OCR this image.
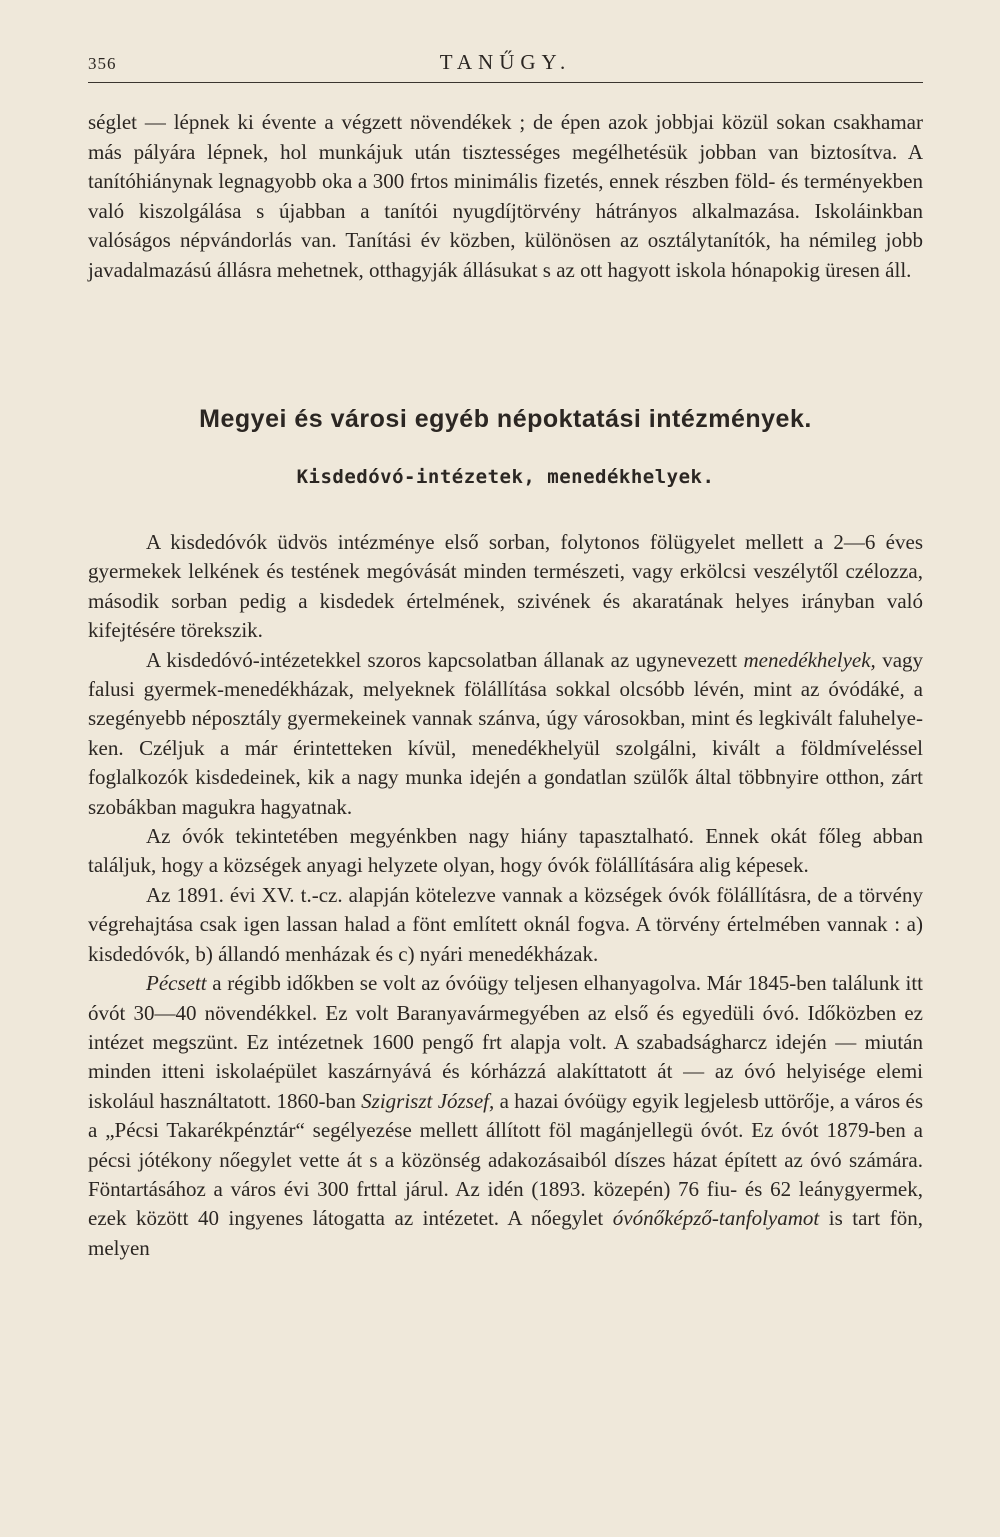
356	TANŰGY.

séglet — lépnek ki évente a végzett növendékek ; de épen azok jobbjai közül sokan csakhamar más pályára lépnek, hol munkájuk után tisztességes megélhetésük jobban van biztosítva. A tanítóhiánynak legnagyobb oka a 300 frtos minimális fizetés, ennek részben föld- és terményekben való kiszolgálása s újabban a tanítói nyugdíjtörvény hátrányos alkalmazása. Iskoláinkban valóságos népvándorlás van. Tanítási év közben, különösen az osztálytanítók, ha némileg jobb javadalmazású állásra mehetnek, otthagyják állásukat s az ott hagyott iskola hónapokig üresen áll.

Megyei és városi egyéb népoktatási intézmények.
Kisdedóvó-intézetek, menedékhelyek.

A kisdedóvók üdvös intézménye első sorban, folytonos fölügyelet mellett a 2—6 éves gyermekek lelkének és testének megóvását minden természeti, vagy erkölcsi veszélytől czélozza, második sorban pedig a kisdedek értelmének, szivének és akaratának helyes irányban való kifejtésére törekszik.

A kisdedóvó-intézetekkel szoros kapcsolatban állanak az ugynevezett menedékhelyek, vagy falusi gyermek-menedékházak, melyeknek fölállítása sokkal olcsóbb lévén, mint az óvódáké, a szegényebb néposztály gyermekeinek vannak szánva, úgy városokban, mint és legkivált faluhelyeken. Czéljuk a már érintetteken kívül, menedékhelyül szolgálni, kivált a földmíveléssel foglalkozók kisdedeinek, kik a nagy munka idején a gondatlan szülők által többnyire otthon, zárt szobákban magukra hagyatnak.

Az óvók tekintetében megyénkben nagy hiány tapasztalható. Ennek okát főleg abban találjuk, hogy a községek anyagi helyzete olyan, hogy óvók fölállítására alig képesek.

Az 1891. évi XV. t.-cz. alapján kötelezve vannak a községek óvók fölállításra, de a törvény végrehajtása csak igen lassan halad a fönt említett oknál fogva. A törvény értelmében vannak : a) kisdedóvók, b) állandó menházak és c) nyári menedékházak.

Pécsett a régibb időkben se volt az óvóügy teljesen elhanyagolva. Már 1845-ben találunk itt óvót 30—40 növendékkel. Ez volt Baranyavármegyében az első és egyedüli óvó. Időközben ez intézet megszünt. Ez intézetnek 1600 pengő frt alapja volt. A szabadságharcz idején — miután minden itteni iskolaépület kaszárnyává és kórházzá alakíttatott át — az óvó helyisége elemi iskolául használtatott. 1860-ban Szigriszt József, a hazai óvóügy egyik legjelesb uttörője, a város és a „Pécsi Takarékpénztár“ segélyezése mellett állított föl magánjellegü óvót. Ez óvót 1879-ben a pécsi jótékony nőegylet vette át s a közönség adakozásaiból díszes házat épített az óvó számára. Föntartásához a város évi 300 frttal járul. Az idén (1893. közepén) 76 fiu- és 62 leánygyermek, ezek között 40 ingyenes látogatta az intézetet. A nőegylet óvónőképző-tanfolyamot is tart fön, melyen
